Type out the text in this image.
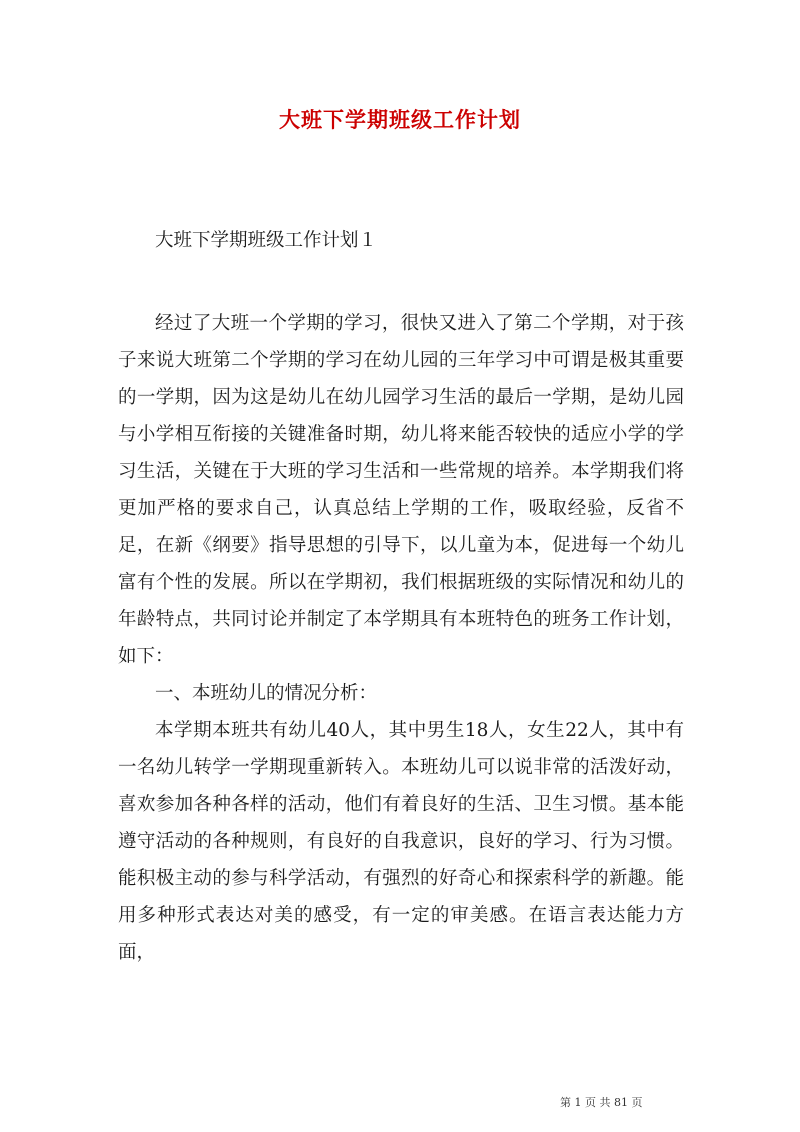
大班下学期班级工作计划

大班下学期班级工作计划１

经过了大班一个学期的学习，很快又进入了第二个学期，对于孩子来说大班第二个学期的学习在幼儿园的三年学习中可谓是极其重要的一学期，因为这是幼儿在幼儿园学习生活的最后一学期，是幼儿园与小学相互衔接的关键准备时期，幼儿将来能否较快的适应小学的学习生活，关键在于大班的学习生活和一些常规的培养。本学期我们将更加严格的要求自己，认真总结上学期的工作，吸取经验，反省不足，在新《纲要》指导思想的引导下，以儿童为本，促进每一个幼儿富有个性的发展。所以在学期初，我们根据班级的实际情况和幼儿的年龄特点，共同讨论并制定了本学期具有本班特色的班务工作计划，如下：

一、本班幼儿的情况分析：

本学期本班共有幼儿40人，其中男生18人，女生22人，其中有一名幼儿转学一学期现重新转入。本班幼儿可以说非常的活泼好动，喜欢参加各种各样的活动，他们有着良好的生活、卫生习惯。基本能遵守活动的各种规则，有良好的自我意识，良好的学习、行为习惯。能积极主动的参与科学活动，有强烈的好奇心和探索科学的新趣。能用多种形式表达对美的感受，有一定的审美感。在语言表达能力方面，

第 1 页 共 81 页
